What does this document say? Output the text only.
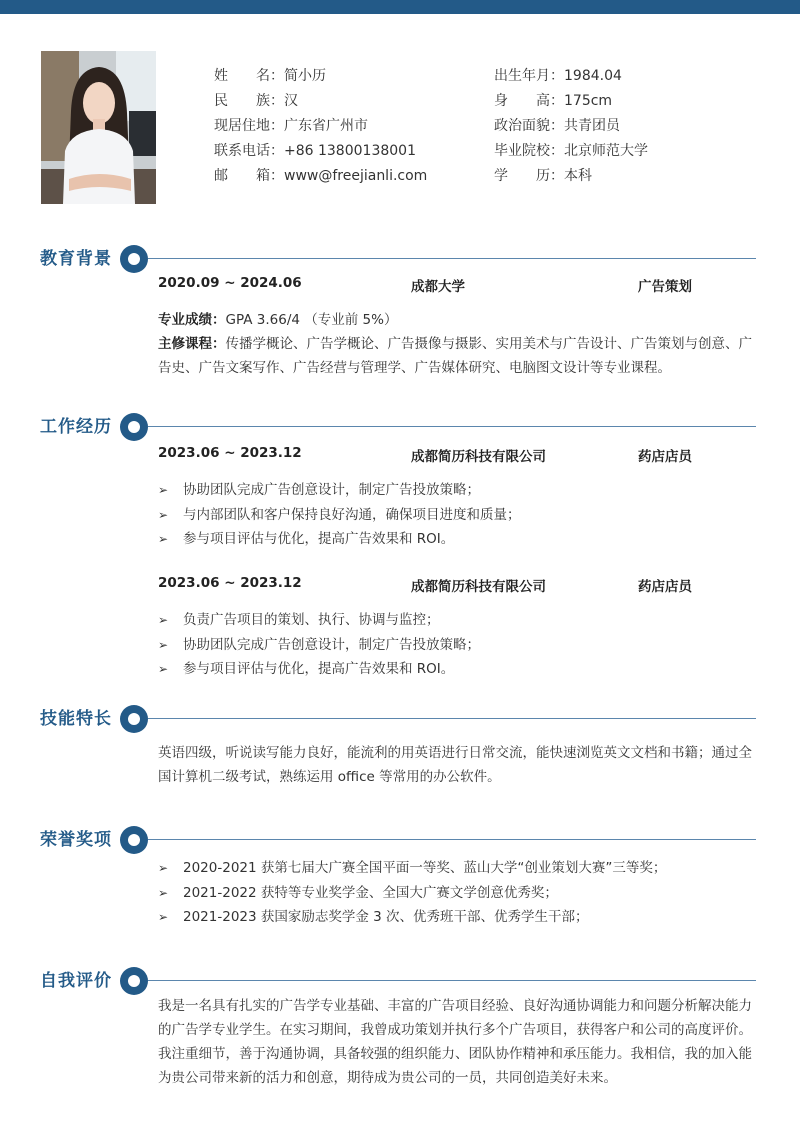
姓名 ： 简小历
民族 ： 汉
现居住地 ： 广东省广州市
联系电话 ： +86 13800138001
邮箱 ： www@freejianli.com
出生年月 ： 1984.04
身高 ： 175cm
政治面貌 ： 共青团员
毕业院校 ： 北京师范大学
学历 ： 本科
教育背景
2020.09 ~ 2024.06	成都大学	广告策划
专业成绩：GPA 3.66/4 （专业前 5%）
主修课程：传播学概论、广告学概论、广告摄像与摄影、实用美术与广告设计、广告策划与创意、广告史、广告文案写作、广告经营与管理学、广告媒体研究、电脑图文设计等专业课程。
工作经历
2023.06 ~ 2023.12	成都简历科技有限公司	药店店员
➢ 协助团队完成广告创意设计，制定广告投放策略；
➢ 与内部团队和客户保持良好沟通，确保项目进度和质量；
➢ 参与项目评估与优化，提高广告效果和 ROI。
2023.06 ~ 2023.12	成都简历科技有限公司	药店店员
➢ 负责广告项目的策划、执行、协调与监控；
➢ 协助团队完成广告创意设计，制定广告投放策略；
➢ 参与项目评估与优化，提高广告效果和 ROI。
技能特长
英语四级，听说读写能力良好，能流利的用英语进行日常交流，能快速浏览英文文档和书籍；通过全国计算机二级考试，熟练运用 office 等常用的办公软件。
荣誉奖项
➢ 2020-2021 获第七届大广赛全国平面一等奖、蓝山大学“创业策划大赛”三等奖；
➢ 2021-2022 获特等专业奖学金、全国大广赛文学创意优秀奖；
➢ 2021-2023 获国家励志奖学金 3 次、优秀班干部、优秀学生干部；
自我评价
我是一名具有扎实的广告学专业基础、丰富的广告项目经验、良好沟通协调能力和问题分析解决能力的广告学专业学生。在实习期间，我曾成功策划并执行多个广告项目，获得客户和公司的高度评价。我注重细节，善于沟通协调，具备较强的组织能力、团队协作精神和承压能力。我相信，我的加入能为贵公司带来新的活力和创意，期待成为贵公司的一员，共同创造美好未来。
